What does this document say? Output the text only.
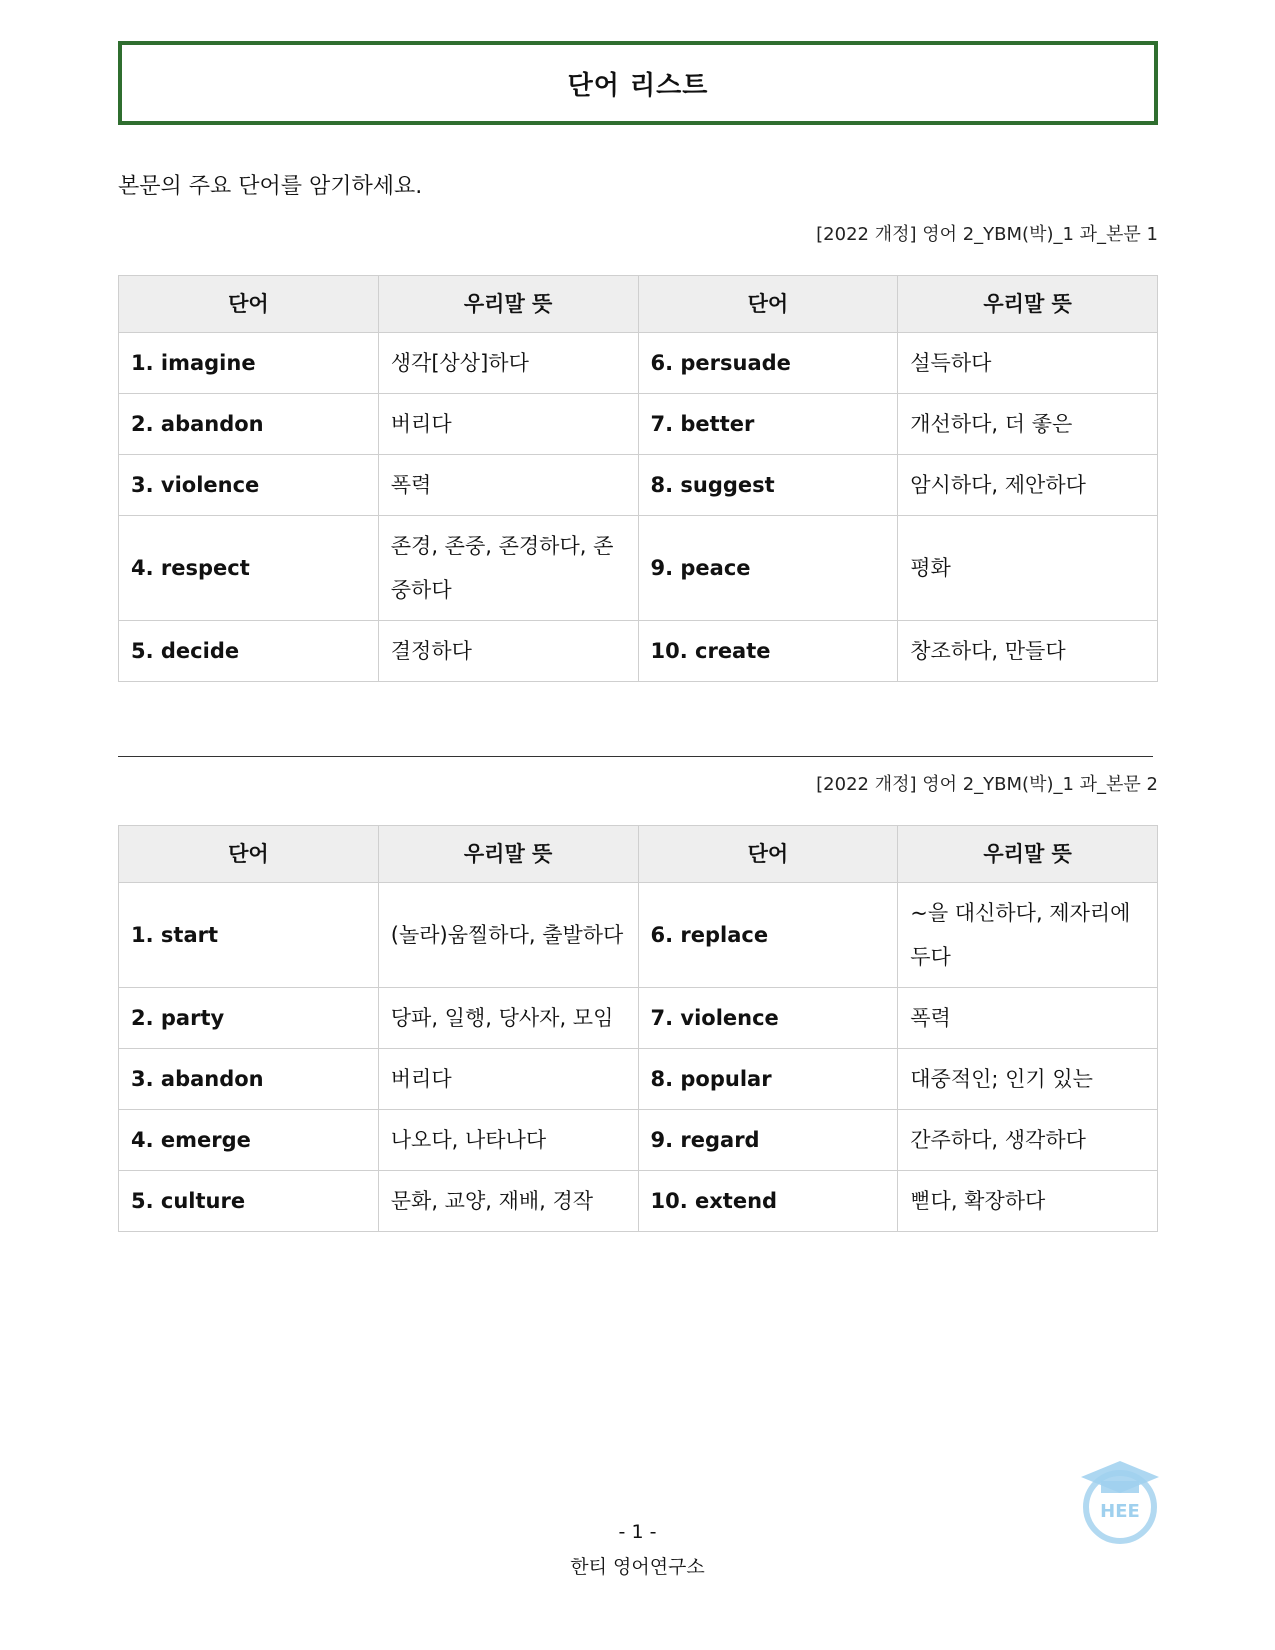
단어 리스트

본문의 주요 단어를 암기하세요.

[2022 개정] 영어 2_YBM(박)_1 과_본문 1

단어	우리말 뜻	단어	우리말 뜻
1. imagine	생각[상상]하다	6. persuade	설득하다
2. abandon	버리다	7. better	개선하다, 더 좋은
3. violence	폭력	8. suggest	암시하다, 제안하다
4. respect	존경, 존중, 존경하다, 존중하다	9. peace	평화
5. decide	결정하다	10. create	창조하다, 만들다

[2022 개정] 영어 2_YBM(박)_1 과_본문 2

단어	우리말 뜻	단어	우리말 뜻
1. start	(놀라)움찔하다, 출발하다	6. replace	~을 대신하다, 제자리에 두다
2. party	당파, 일행, 당사자, 모임	7. violence	폭력
3. abandon	버리다	8. popular	대중적인; 인기 있는
4. emerge	나오다, 나타나다	9. regard	간주하다, 생각하다
5. culture	문화, 교양, 재배, 경작	10. extend	뻗다, 확장하다
HEE
- 1 -
한티 영어연구소
